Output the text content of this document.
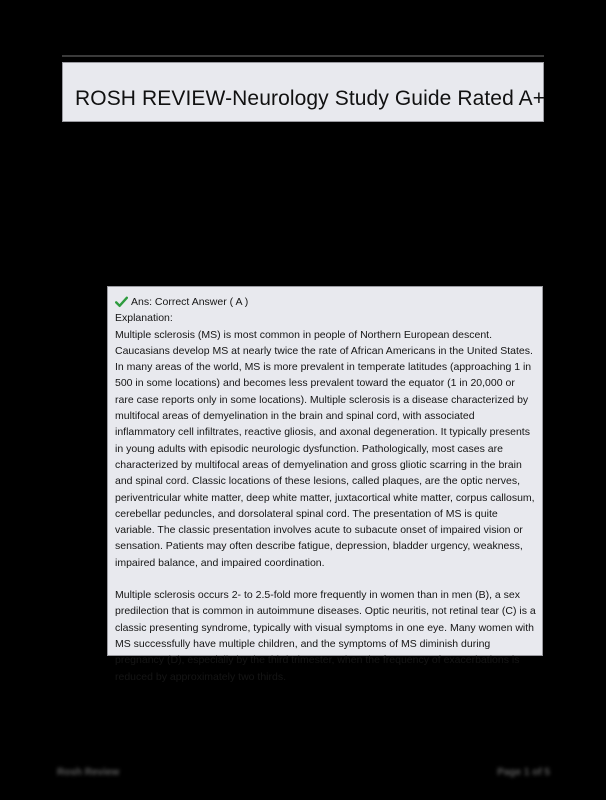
ROSH REVIEW-Neurology Study Guide Rated A+
Ans: Correct Answer ( A )
Explanation:

Multiple sclerosis (MS) is most common in people of Northern European descent. Caucasians develop MS at nearly twice the rate of African Americans in the United States. In many areas of the world, MS is more prevalent in temperate latitudes (approaching 1 in 500 in some locations) and becomes less prevalent toward the equator (1 in 20,000 or rare case reports only in some locations). Multiple sclerosis is a disease characterized by multifocal areas of demyelination in the brain and spinal cord, with associated inflammatory cell infiltrates, reactive gliosis, and axonal degeneration. It typically presents in young adults with episodic neurologic dysfunction. Pathologically, most cases are characterized by multifocal areas of demyelination and gross gliotic scarring in the brain and spinal cord. Classic locations of these lesions, called plaques, are the optic nerves, periventricular white matter, deep white matter, juxtacortical white matter, corpus callosum, cerebellar peduncles, and dorsolateral spinal cord. The presentation of MS is quite variable. The classic presentation involves acute to subacute onset of impaired vision or sensation. Patients may often describe fatigue, depression, bladder urgency, weakness, impaired balance, and impaired coordination.

Multiple sclerosis occurs 2- to 2.5-fold more frequently in women than in men (B), a sex predilection that is common in autoimmune diseases. Optic neuritis, not retinal tear (C) is a classic presenting syndrome, typically with visual symptoms in one eye. Many women with MS successfully have multiple children, and the symptoms of MS diminish during pregnancy (D), especially by the third trimester, when the frequency of exacerbations is reduced by approximately two thirds.

Rosh Review	Page 1 of 5
